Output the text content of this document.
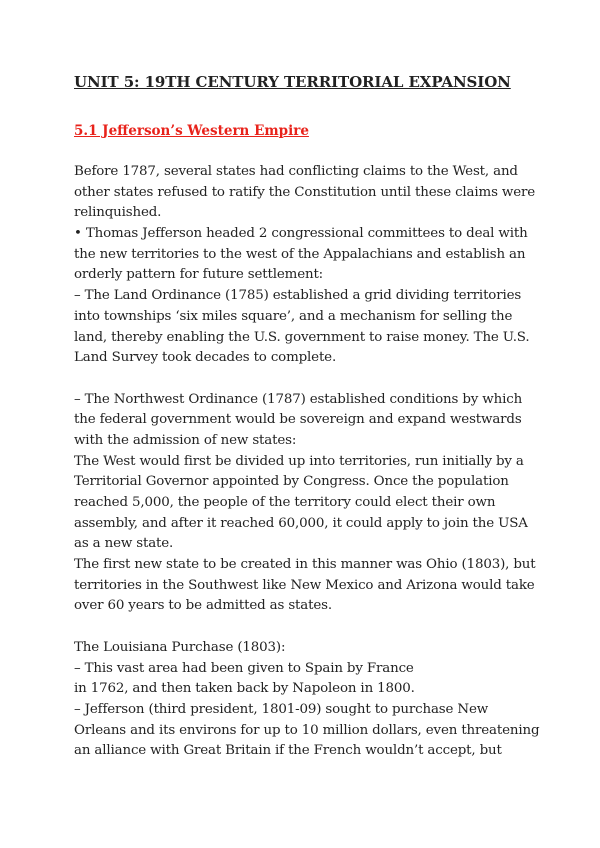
UNIT 5: 19TH CENTURY TERRITORIAL EXPANSION
5.1 Jefferson’s Western Empire
Before 1787, several states had conflicting claims to the West, and
other states refused to ratify the Constitution until these claims were
relinquished.
• Thomas Jefferson headed 2 congressional committees to deal with
the new territories to the west of the Appalachians and establish an
orderly pattern for future settlement:
– The Land Ordinance (1785) established a grid dividing territories
into townships ‘six miles square’, and a mechanism for selling the
land, thereby enabling the U.S. government to raise money. The U.S.
Land Survey took decades to complete.
– The Northwest Ordinance (1787) established conditions by which
the federal government would be sovereign and expand westwards
with the admission of new states:
The West would first be divided up into territories, run initially by a
Territorial Governor appointed by Congress. Once the population
reached 5,000, the people of the territory could elect their own
assembly, and after it reached 60,000, it could apply to join the USA
as a new state.
The first new state to be created in this manner was Ohio (1803), but
territories in the Southwest like New Mexico and Arizona would take
over 60 years to be admitted as states.
The Louisiana Purchase (1803):
– This vast area had been given to Spain by France
in 1762, and then taken back by Napoleon in 1800.
– Jefferson (third president, 1801-09) sought to purchase New
Orleans and its environs for up to 10 million dollars, even threatening
an alliance with Great Britain if the French wouldn’t accept, but
